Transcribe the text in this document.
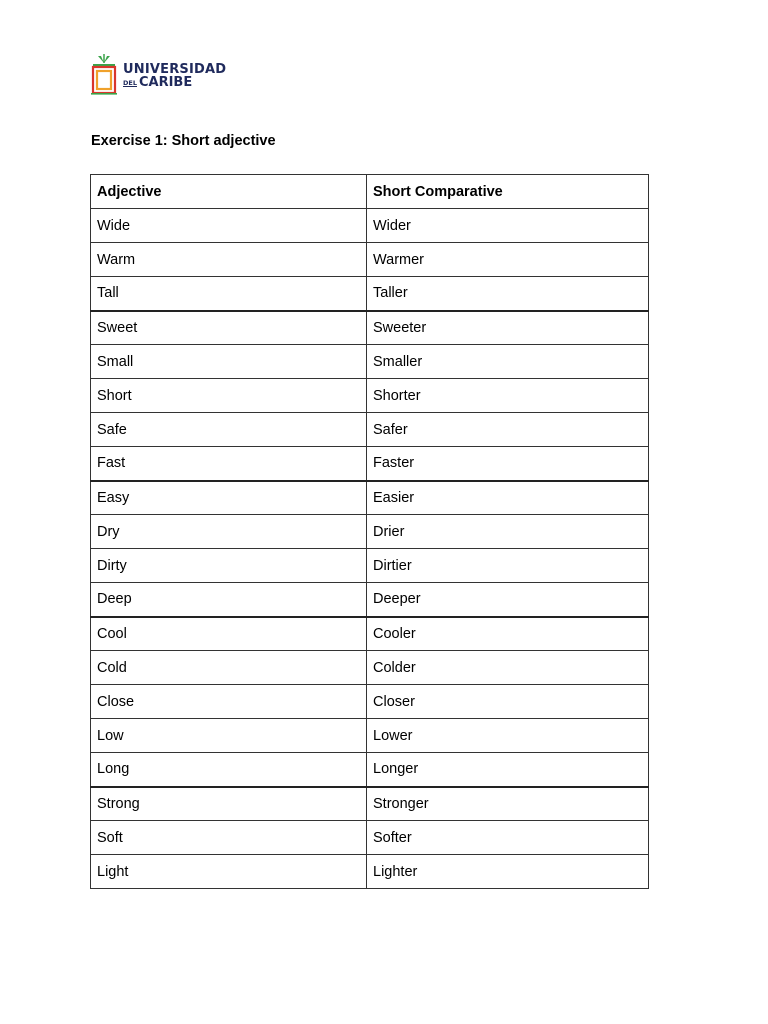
UNIVERSIDAD
DEL CARIBE
Exercise 1: Short adjective
Adjective	Short Comparative
Wide	Wider
Warm	Warmer
Tall	Taller
Sweet	Sweeter
Small	Smaller
Short	Shorter
Safe	Safer
Fast	Faster
Easy	Easier
Dry	Drier
Dirty	Dirtier
Deep	Deeper
Cool	Cooler
Cold	Colder
Close	Closer
Low	Lower
Long	Longer
Strong	Stronger
Soft	Softer
Light	Lighter
